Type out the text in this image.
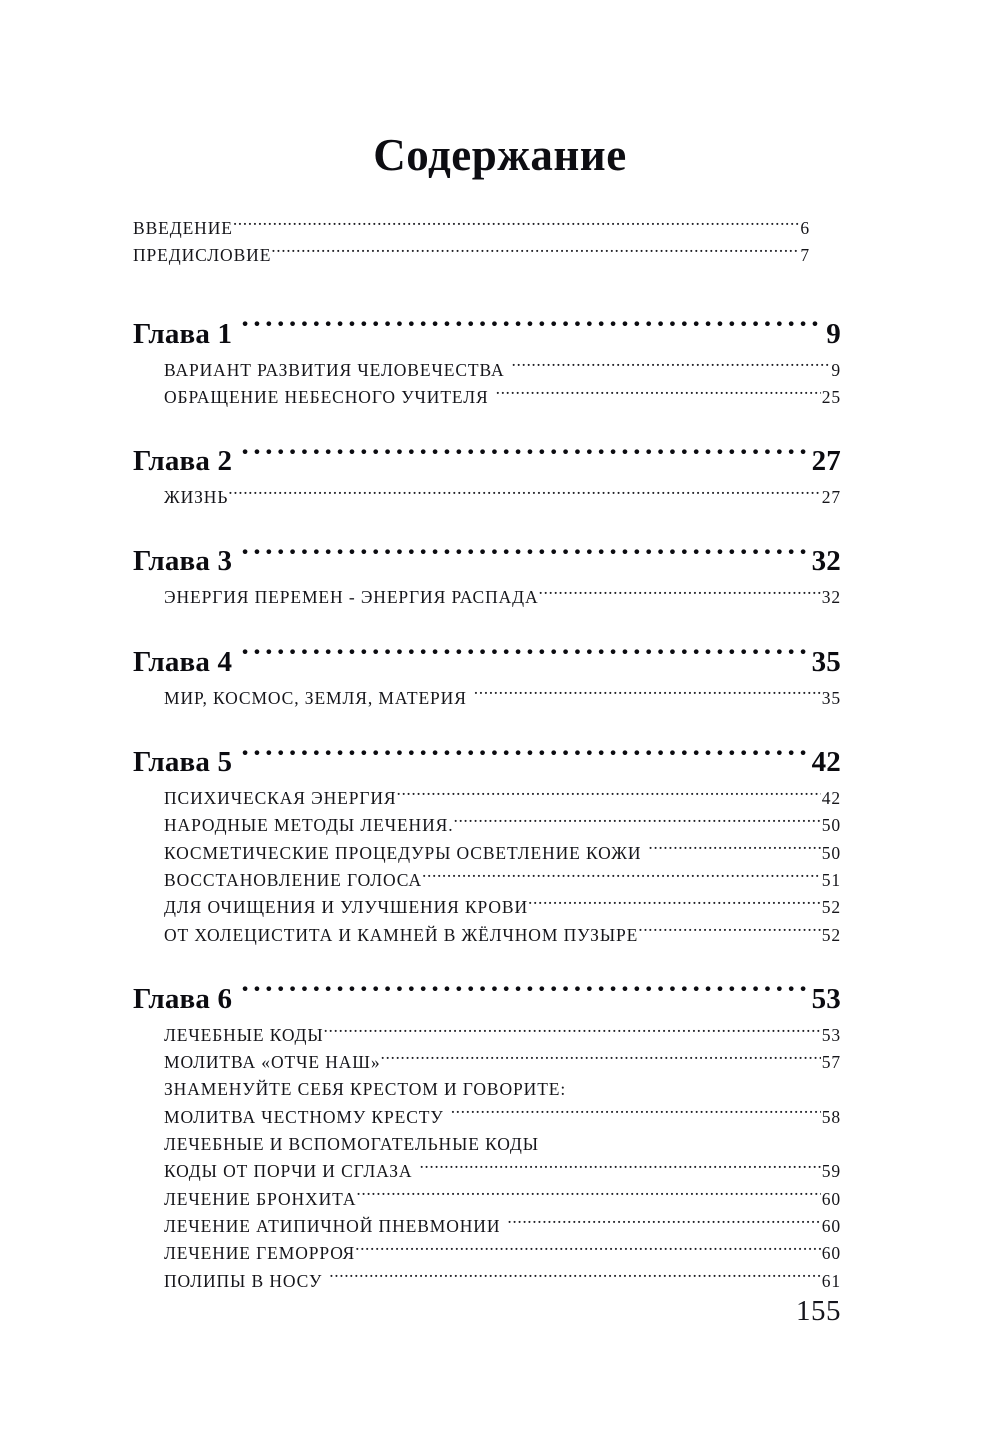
Содержание
ВВЕДЕНИЕ .....	6
ПРЕДИСЛОВИЕ .....	7
Глава 1 ·····	9
ВАРИАНТ РАЗВИТИЯ ЧЕЛОВЕЧЕСТВА .....	9
ОБРАЩЕНИЕ НЕБЕСНОГО УЧИТЕЛЯ .....	25
Глава 2 ·····	27
ЖИЗНЬ .....	27
Глава 3 ·····	32
ЭНЕРГИЯ ПЕРЕМЕН - ЭНЕРГИЯ РАСПАДА .....	32
Глава 4 ·····	35
МИР, КОСМОС, ЗЕМЛЯ, МАТЕРИЯ .....	35
Глава 5 ·····	42
ПСИХИЧЕСКАЯ ЭНЕРГИЯ .....	42
НАРОДНЫЕ МЕТОДЫ ЛЕЧЕНИЯ. .....	50
КОСМЕТИЧЕСКИЕ ПРОЦЕДУРЫ ОСВЕТЛЕНИЕ КОЖИ .....	50
ВОССТАНОВЛЕНИЕ ГОЛОСА .....	51
ДЛЯ ОЧИЩЕНИЯ И УЛУЧШЕНИЯ КРОВИ .....	52
ОТ ХОЛЕЦИСТИТА И КАМНЕЙ В ЖЁЛЧНОМ ПУЗЫРЕ .....	52
Глава 6 ·····	53
ЛЕЧЕБНЫЕ КОДЫ .....	53
МОЛИТВА «ОТЧЕ НАШ» .....	57
ЗНАМЕНУЙТЕ СЕБЯ КРЕСТОМ И ГОВОРИТЕ:
МОЛИТВА ЧЕСТНОМУ КРЕСТУ .....	58
ЛЕЧЕБНЫЕ И ВСПОМОГАТЕЛЬНЫЕ КОДЫ
КОДЫ ОТ ПОРЧИ И СГЛАЗА .....	59
ЛЕЧЕНИЕ БРОНХИТА .....	60
ЛЕЧЕНИЕ АТИПИЧНОЙ ПНЕВМОНИИ .....	60
ЛЕЧЕНИЕ ГЕМОРРОЯ .....	60
ПОЛИПЫ В НОСУ .....	61
155
